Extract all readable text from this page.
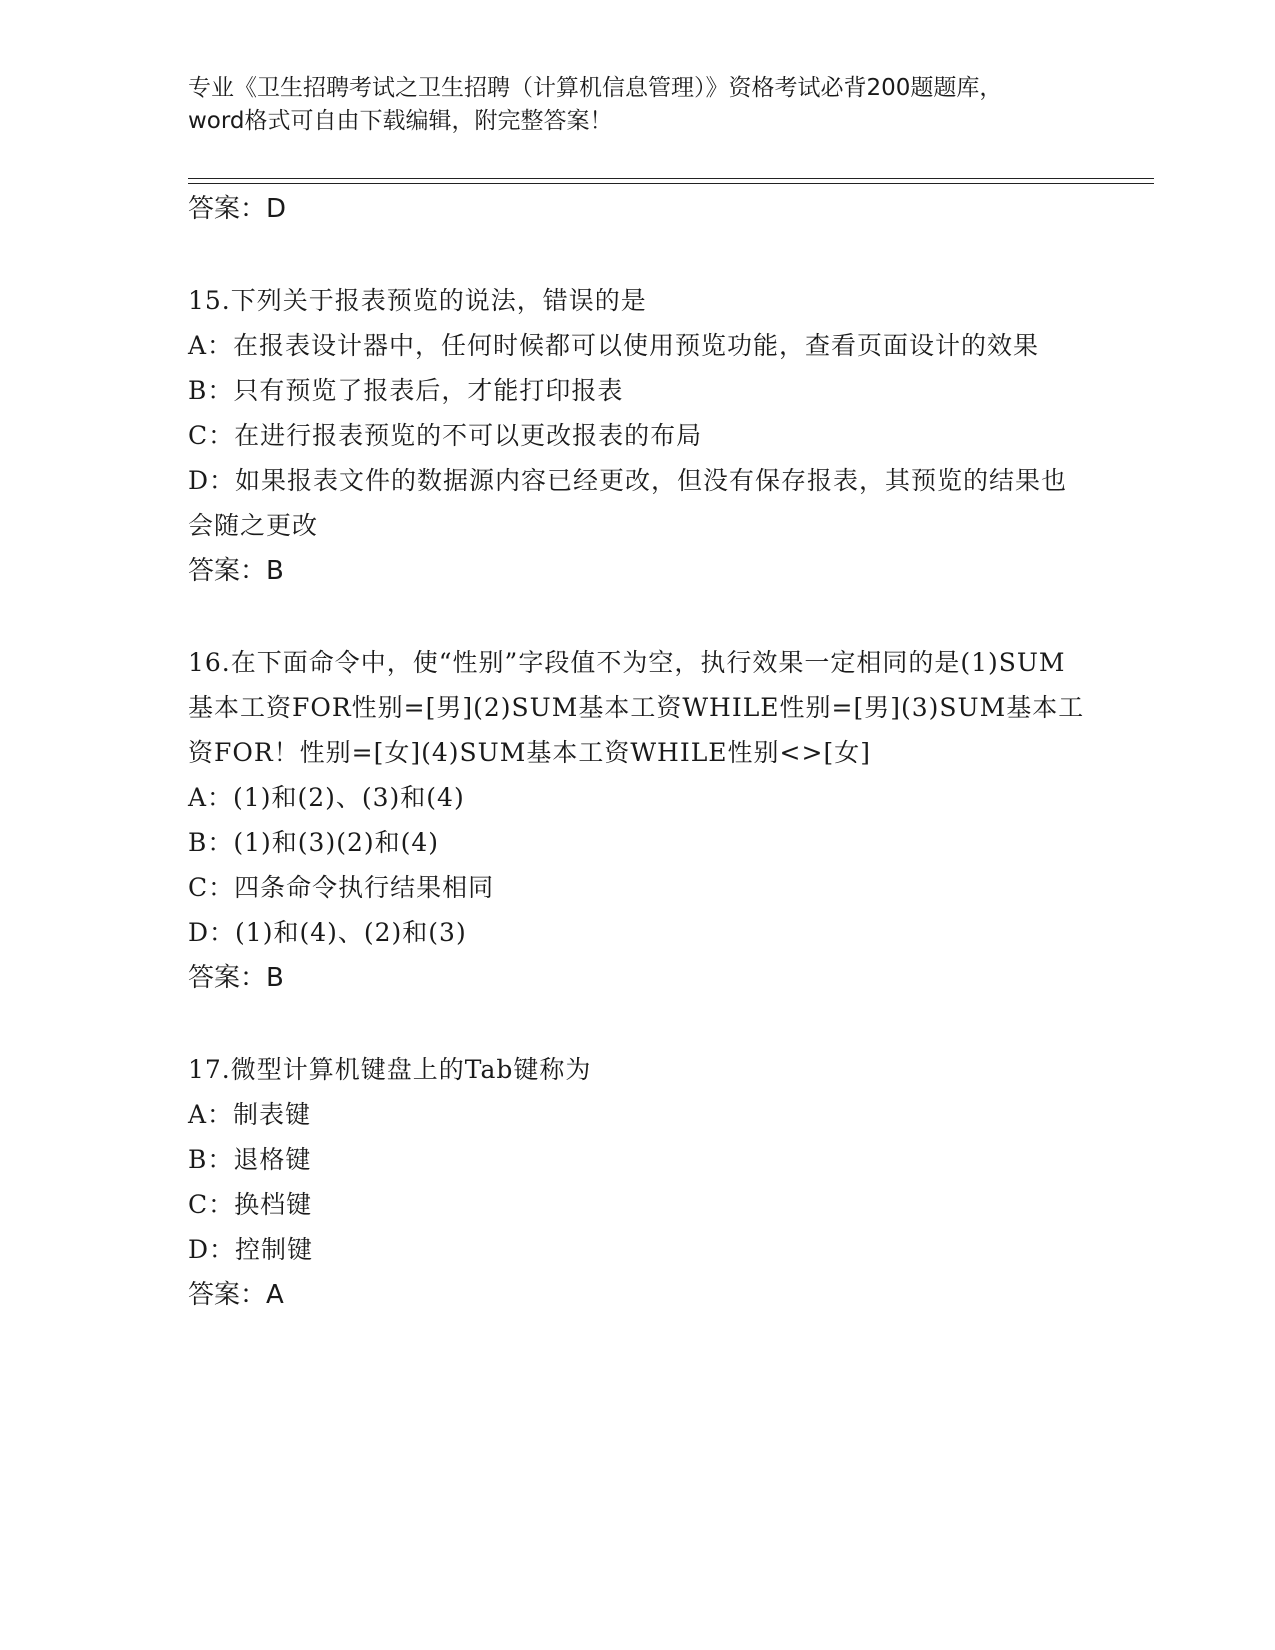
专业《卫生招聘考试之卫生招聘（计算机信息管理）》资格考试必背200题题库，
word格式可自由下载编辑，附完整答案！
答案：D
15.下列关于报表预览的说法，错误的是
A：在报表设计器中，任何时候都可以使用预览功能，查看页面设计的效果
B：只有预览了报表后，才能打印报表
C：在进行报表预览的不可以更改报表的布局
D：如果报表文件的数据源内容已经更改，但没有保存报表，其预览的结果也会随之更改
答案：B
16.在下面命令中，使“性别”字段值不为空，执行效果一定相同的是(1)SUM基本工资FOR性别=[男](2)SUM基本工资WHILE性别=[男](3)SUM基本工资FOR！性别=[女](4)SUM基本工资WHILE性别<>[女]
A：(1)和(2)、(3)和(4)
B：(1)和(3)(2)和(4)
C：四条命令执行结果相同
D：(1)和(4)、(2)和(3)
答案：B
17.微型计算机键盘上的Tab键称为
A：制表键
B：退格键
C：换档键
D：控制键
答案：A
